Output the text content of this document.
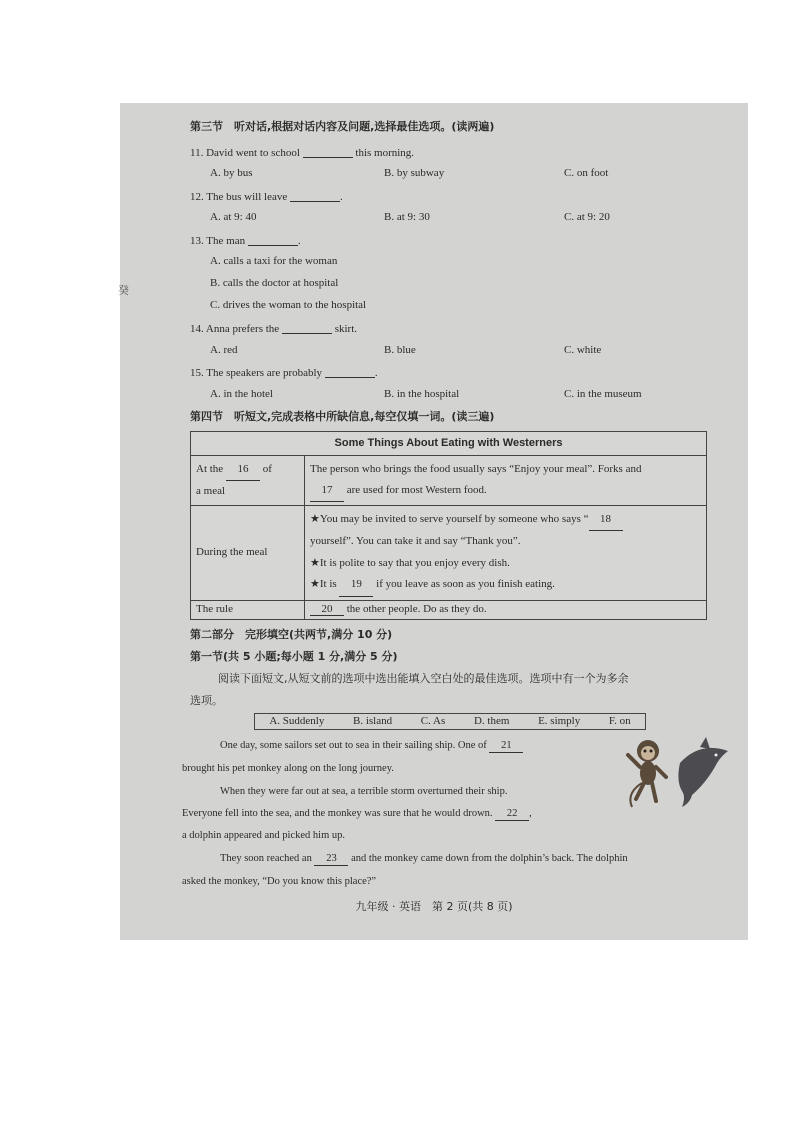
第三节　听对话,根据对话内容及问题,选择最佳选项。(读两遍)
11. David went to school	this morning.
A. by bus	B. by subway	C. on foot
12. The bus will leave	.
A. at 9: 40	B. at 9: 30	C. at 9: 20
13. The man	.
A. calls a taxi for the woman
B. calls the doctor at hospital
C. drives the woman to the hospital
14. Anna prefers the	skirt.
A. red	B. blue	C. white
15. The speakers are probably	.
A. in the hotel	B. in the hospital	C. in the museum
第四节　听短文,完成表格中所缺信息,每空仅填一词。(读三遍)
Some Things About Eating with Westerners	
At the 16 of
a meal	The person who brings the food usually says “Enjoy your meal”. Forks and
17 are used for most Western food.
During the meal	★You may be invited to serve yourself by someone who says “ 18
yourself”. You can take it and say “Thank you”.
★It is polite to say that you enjoy every dish.
★It is 19 if you leave as soon as you finish eating.
The rule	20 the other people. Do as they do.
第二部分　完形填空(共两节,满分 10 分)
第一节(共 5 小题;每小题 1 分,满分 5 分)
阅读下面短文,从短文前的选项中选出能填入空白处的最佳选项。选项中有一个为多余
选项。
A. Suddenly	B. island	C. As	D. them	E. simply	F. on
One day, some sailors set out to sea in their sailing ship. One of 21
brought his pet monkey along on the long journey.
When they were far out at sea, a terrible storm overturned their ship.
Everyone fell into the sea, and the monkey was sure that he would drown. 22 ,
a dolphin appeared and picked him up.
They soon reached an 23 and the monkey came down from the dolphin’s back. The dolphin
asked the monkey, “Do you know this place?”
九年级 · 英语　第 2 页(共 8 页)
癸
